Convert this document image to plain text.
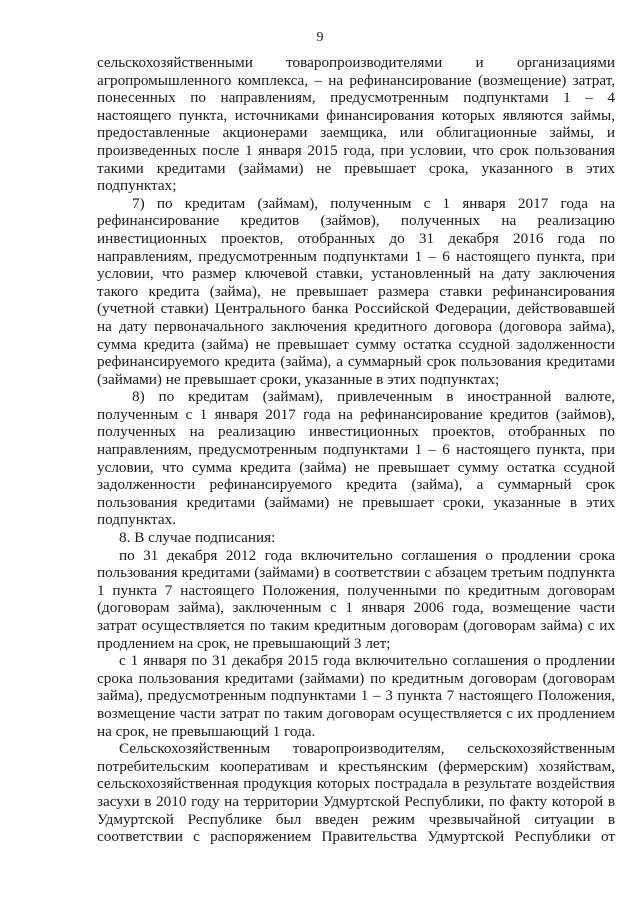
9

сельскохозяйственными товаропроизводителями и организациями агропромышленного комплекса, – на рефинансирование (возмещение) затрат, понесенных по направлениям, предусмотренным подпунктами 1 – 4 настоящего пункта, источниками финансирования которых являются займы, предоставленные акционерами заемщика, или облигационные займы, и произведенных после 1 января 2015 года, при условии, что срок пользования такими кредитами (займами) не превышает срока, указанного в этих подпунктах;

7) по кредитам (займам), полученным с 1 января 2017 года на рефинансирование кредитов (займов), полученных на реализацию инвестиционных проектов, отобранных до 31 декабря 2016 года по направлениям, предусмотренным подпунктами 1 – 6 настоящего пункта, при условии, что размер ключевой ставки, установленный на дату заключения такого кредита (займа), не превышает размера ставки рефинансирования (учетной ставки) Центрального банка Российской Федерации, действовавшей на дату первоначального заключения кредитного договора (договора займа), сумма кредита (займа) не превышает сумму остатка ссудной задолженности рефинансируемого кредита (займа), а суммарный срок пользования кредитами (займами) не превышает сроки, указанные в этих подпунктах;

8) по кредитам (займам), привлеченным в иностранной валюте, полученным с 1 января 2017 года на рефинансирование кредитов (займов), полученных на реализацию инвестиционных проектов, отобранных по направлениям, предусмотренным подпунктами 1 – 6 настоящего пункта, при условии, что сумма кредита (займа) не превышает сумму остатка ссудной задолженности рефинансируемого кредита (займа), а суммарный срок пользования кредитами (займами) не превышает сроки, указанные в этих подпунктах.

8. В случае подписания:

по 31 декабря 2012 года включительно соглашения о продлении срока пользования кредитами (займами) в соответствии с абзацем третьим подпункта 1 пункта 7 настоящего Положения, полученными по кредитным договорам (договорам займа), заключенным с 1 января 2006 года, возмещение части затрат осуществляется по таким кредитным договорам (договорам займа) с их продлением на срок, не превышающий 3 лет;

с 1 января по 31 декабря 2015 года включительно соглашения о продлении срока пользования кредитами (займами) по кредитным договорам (договорам займа), предусмотренным подпунктами 1 – 3 пункта 7 настоящего Положения, возмещение части затрат по таким договорам осуществляется с их продлением на срок, не превышающий 1 года.

Сельскохозяйственным товаропроизводителям, сельскохозяйственным потребительским кооперативам и крестьянским (фермерским) хозяйствам, сельскохозяйственная продукция которых пострадала в результате воздействия засухи в 2010 году на территории Удмуртской Республики, по факту которой в Удмуртской Республике был введен режим чрезвычайной ситуации в соответствии с распоряжением Правительства Удмуртской Республики от
